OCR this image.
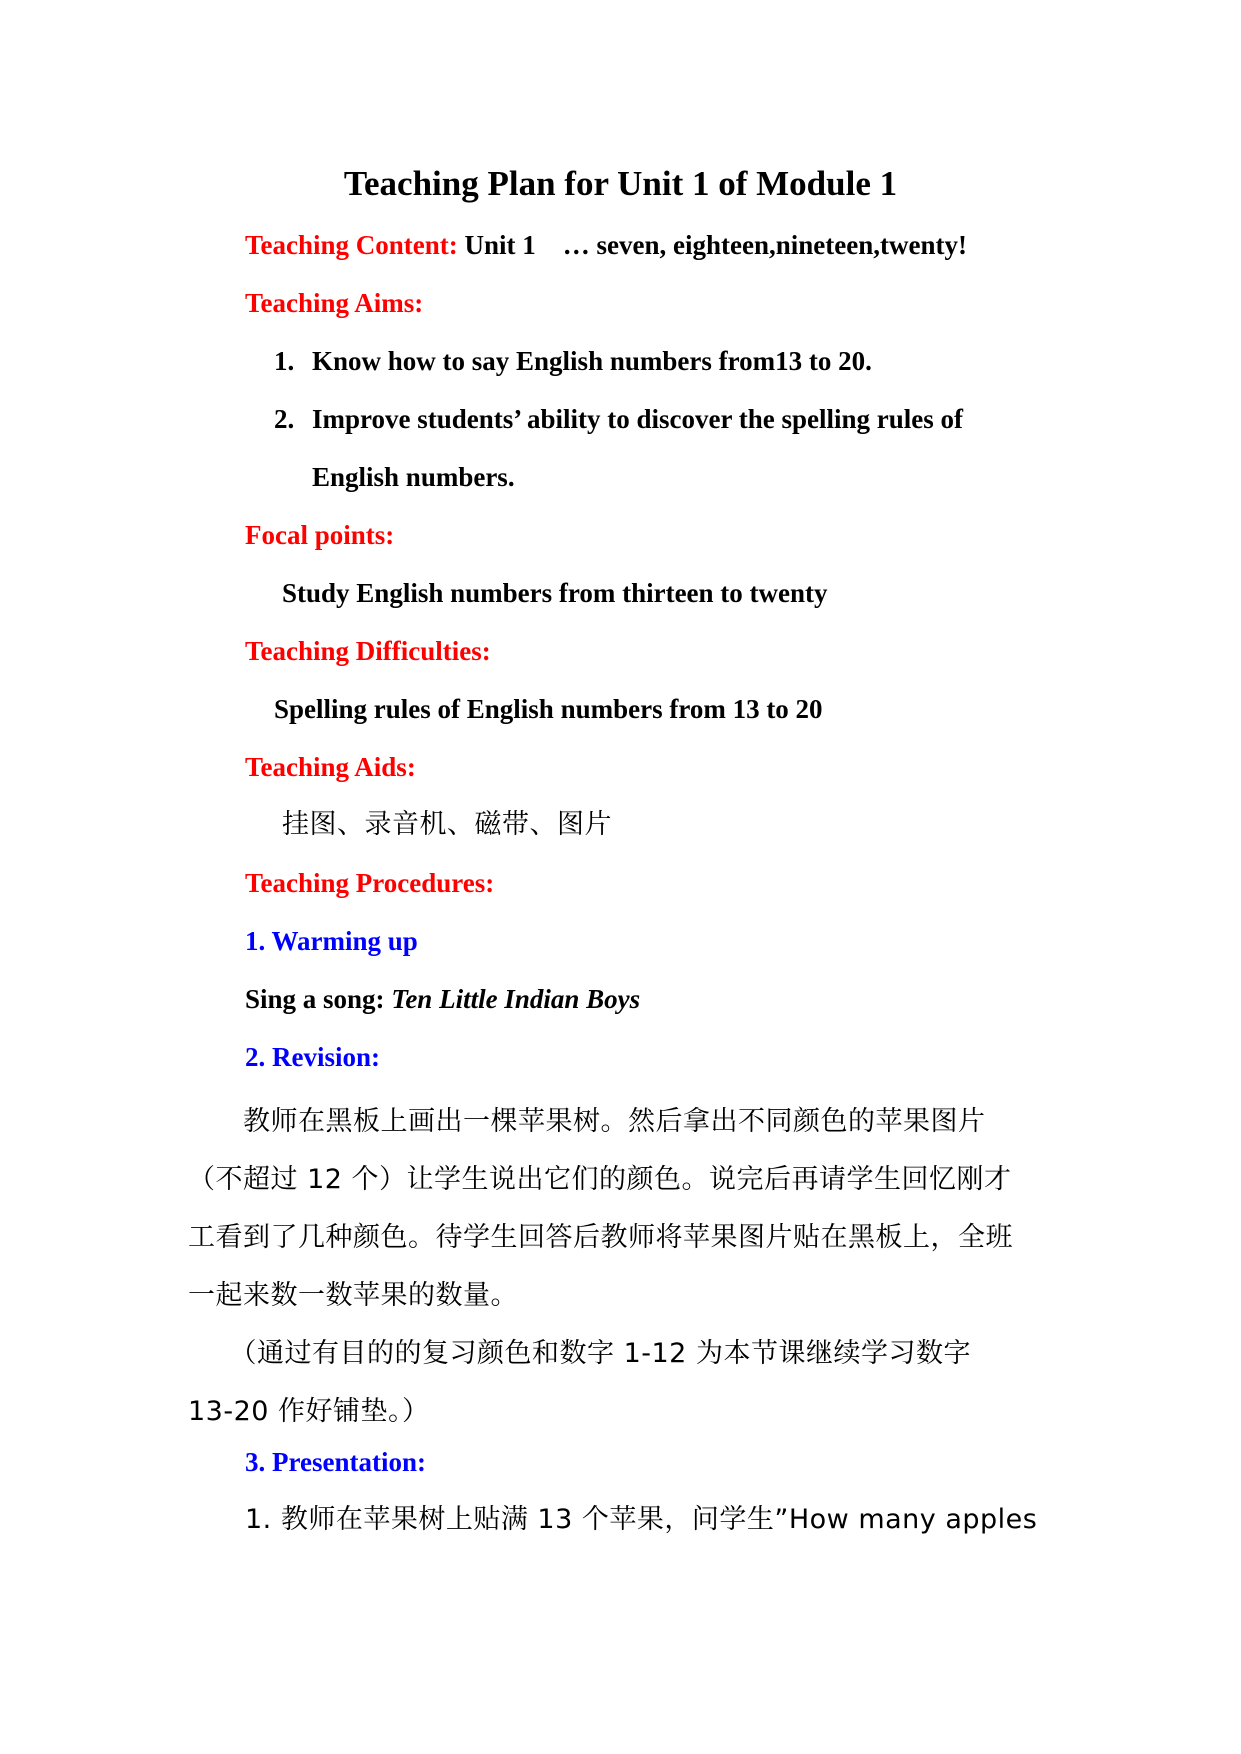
Teaching Plan for Unit 1 of Module 1
Teaching Content: Unit 1    … seven, eighteen,nineteen,twenty!
Teaching Aims:
1. Know how to say English numbers from13 to 20.
2. Improve students’ ability to discover the spelling rules of
English numbers.
Focal points:
Study English numbers from thirteen to twenty
Teaching Difficulties:
Spelling rules of English numbers from 13 to 20
Teaching Aids:
挂图、录音机、磁带、图片
Teaching Procedures:
1. Warming up
Sing a song: Ten Little Indian Boys
2. Revision:
　　教师在黑板上画出一棵苹果树。然后拿出不同颜色的苹果图片
（不超过 12 个）让学生说出它们的颜色。说完后再请学生回忆刚才
工看到了几种颜色。待学生回答后教师将苹果图片贴在黑板上，全班
一起来数一数苹果的数量。
　　（通过有目的的复习颜色和数字 1-12 为本节课继续学习数字
13-20 作好铺垫。）
3. Presentation:
1. 教师在苹果树上贴满 13 个苹果，问学生”How many apples
